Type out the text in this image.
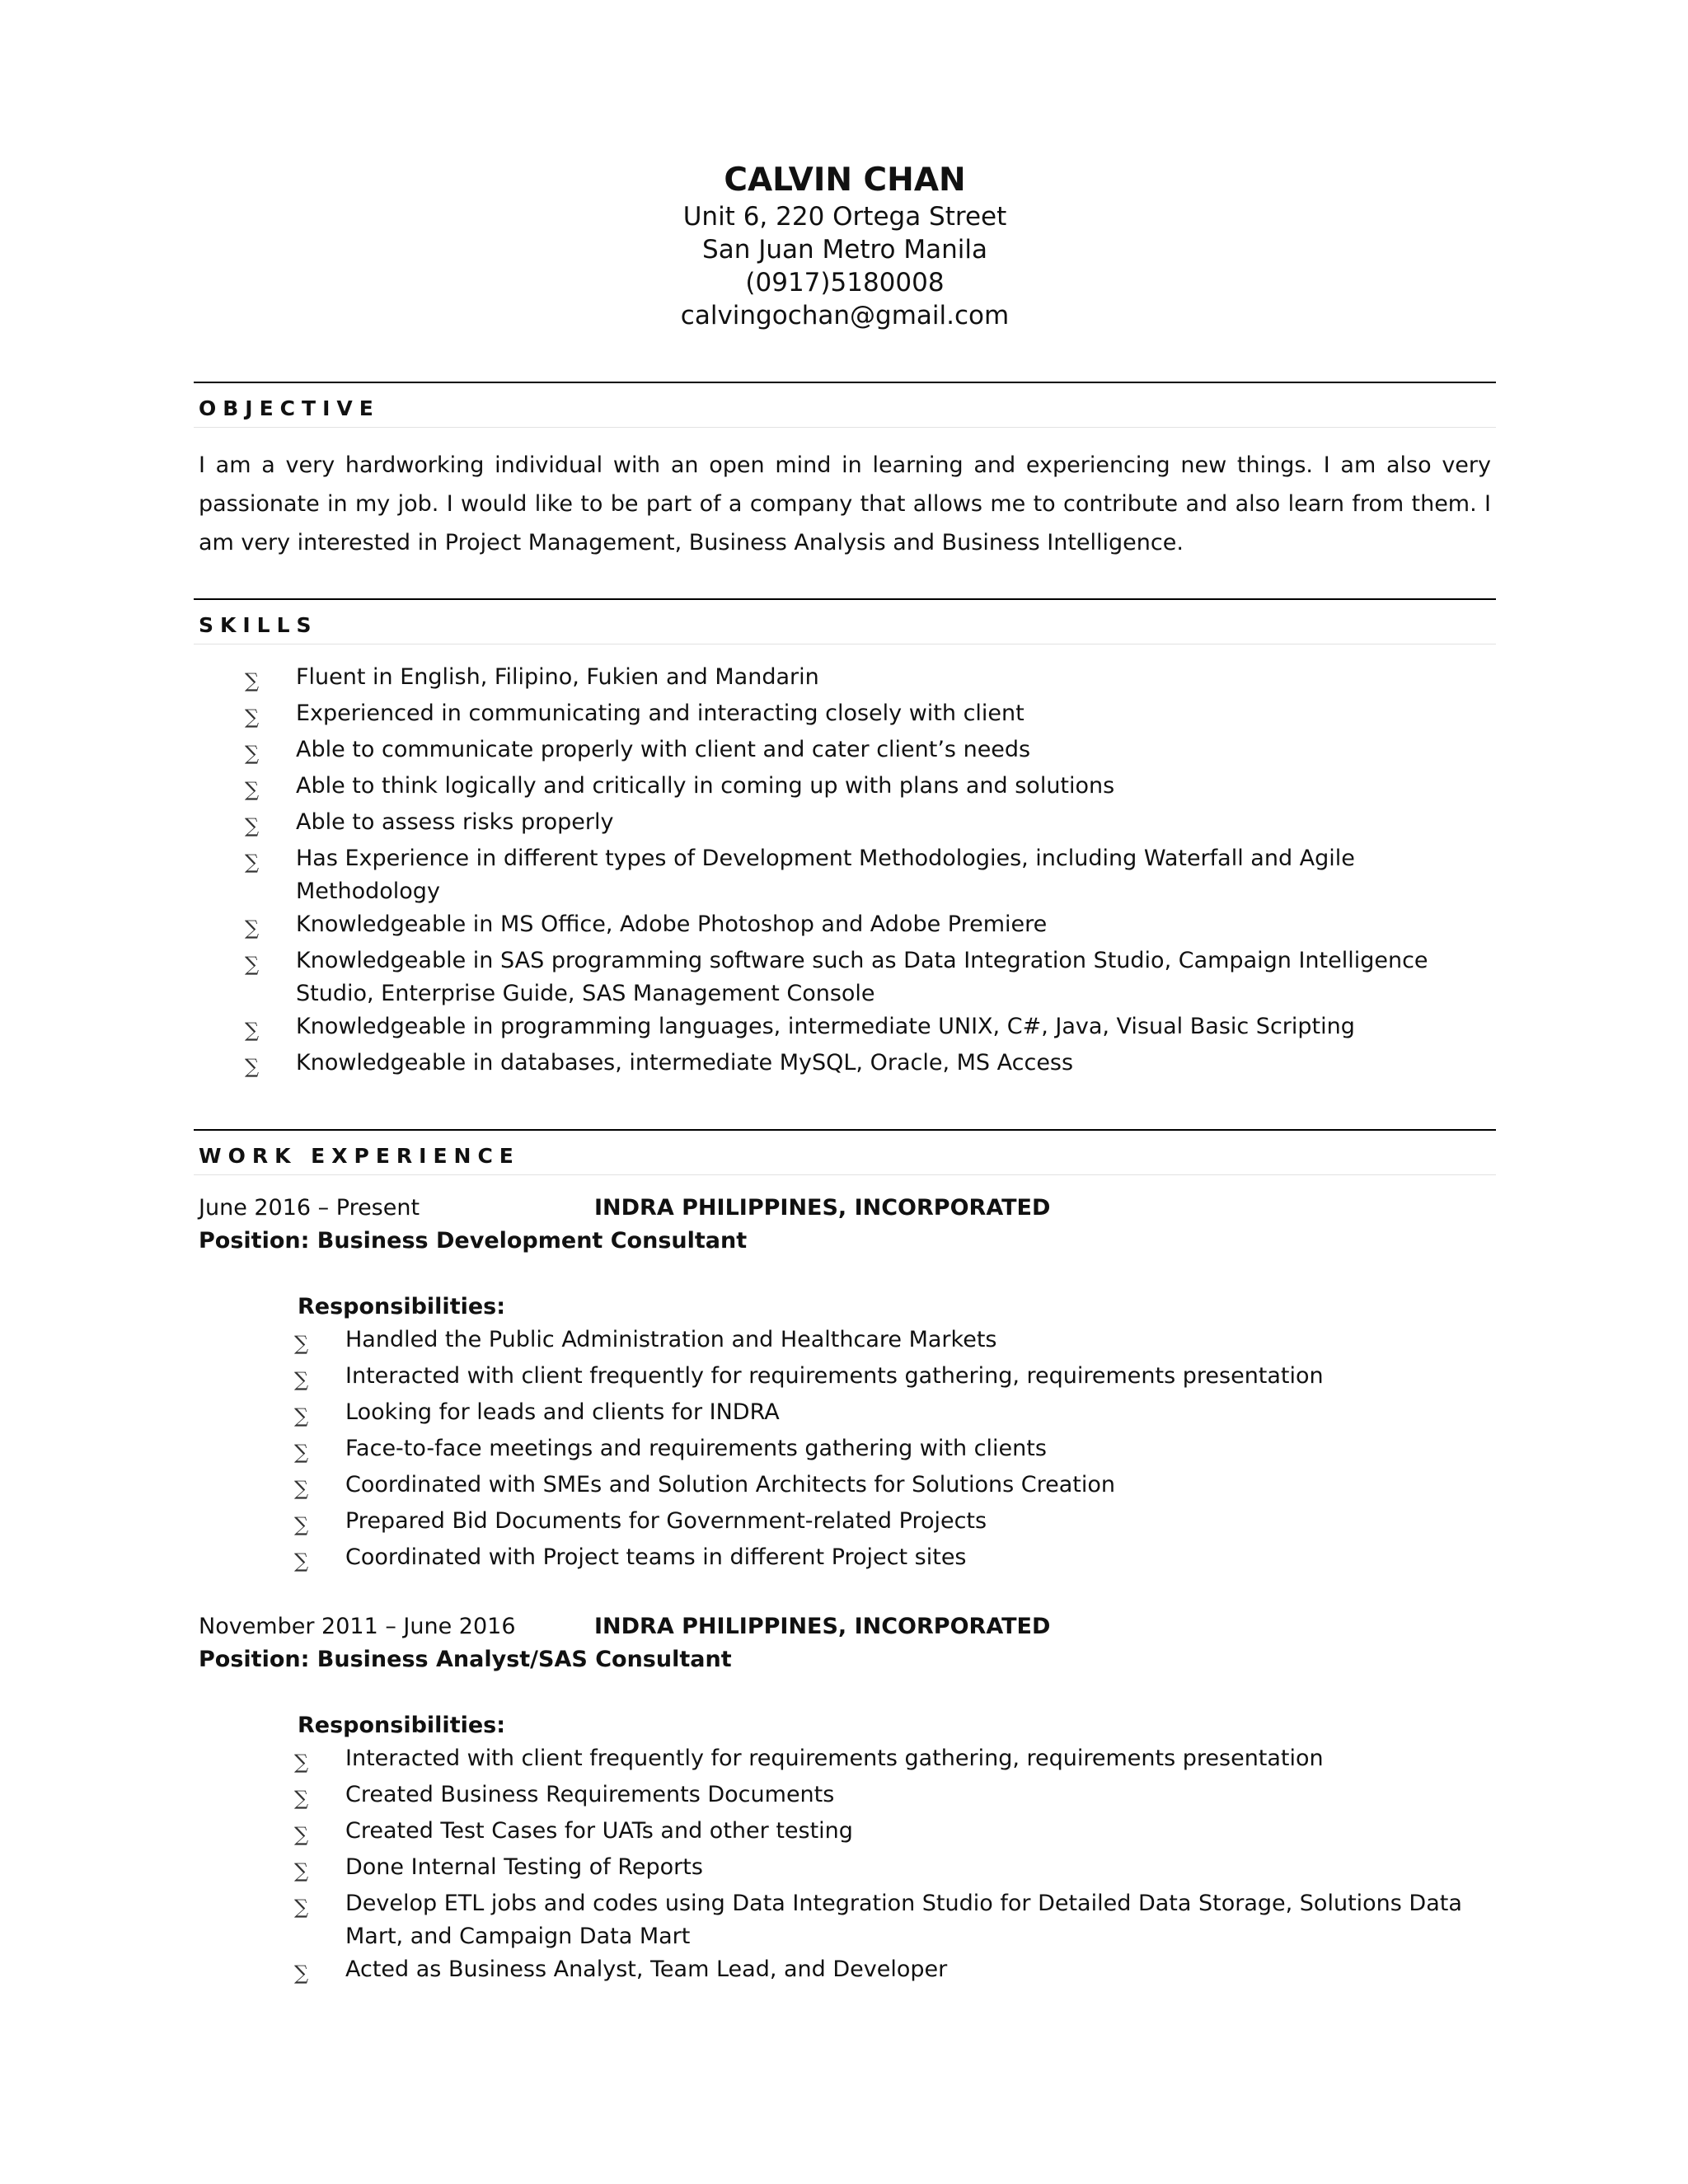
CALVIN CHAN
Unit 6, 220 Ortega Street
San Juan Metro Manila
(0917)5180008
calvingochan@gmail.com
OBJECTIVE
I am a very hardworking individual with an open mind in learning and experiencing new things. I am also very passionate in my job. I would like to be part of a company that allows me to contribute and also learn from them. I am very interested in Project Management, Business Analysis and Business Intelligence.
SKILLS
∑	Fluent in English, Filipino, Fukien and Mandarin
∑	Experienced in communicating and interacting closely with client
∑	Able to communicate properly with client and cater client’s needs
∑	Able to think logically and critically in coming up with plans and solutions
∑	Able to assess risks properly
∑	Has Experience in different types of Development Methodologies, including Waterfall and Agile Methodology
∑	Knowledgeable in MS Office, Adobe Photoshop and Adobe Premiere
∑	Knowledgeable in SAS programming software such as Data Integration Studio, Campaign Intelligence Studio, Enterprise Guide, SAS Management Console
∑	Knowledgeable in programming languages, intermediate UNIX, C#, Java, Visual Basic Scripting
∑	Knowledgeable in databases, intermediate MySQL, Oracle, MS Access
WORK EXPERIENCE
June 2016 – Present	INDRA PHILIPPINES, INCORPORATED
Position: Business Development Consultant
Responsibilities:
∑	Handled the Public Administration and Healthcare Markets
∑	Interacted with client frequently for requirements gathering, requirements presentation
∑	Looking for leads and clients for INDRA
∑	Face-to-face meetings and requirements gathering with clients
∑	Coordinated with SMEs and Solution Architects for Solutions Creation
∑	Prepared Bid Documents for Government-related Projects
∑	Coordinated with Project teams in different Project sites
November 2011 – June 2016	INDRA PHILIPPINES, INCORPORATED
Position: Business Analyst/SAS Consultant
Responsibilities:
∑	Interacted with client frequently for requirements gathering, requirements presentation
∑	Created Business Requirements Documents
∑	Created Test Cases for UATs and other testing
∑	Done Internal Testing of Reports
∑	Develop ETL jobs and codes using Data Integration Studio for Detailed Data Storage, Solutions Data Mart, and Campaign Data Mart
∑	Acted as Business Analyst, Team Lead, and Developer
